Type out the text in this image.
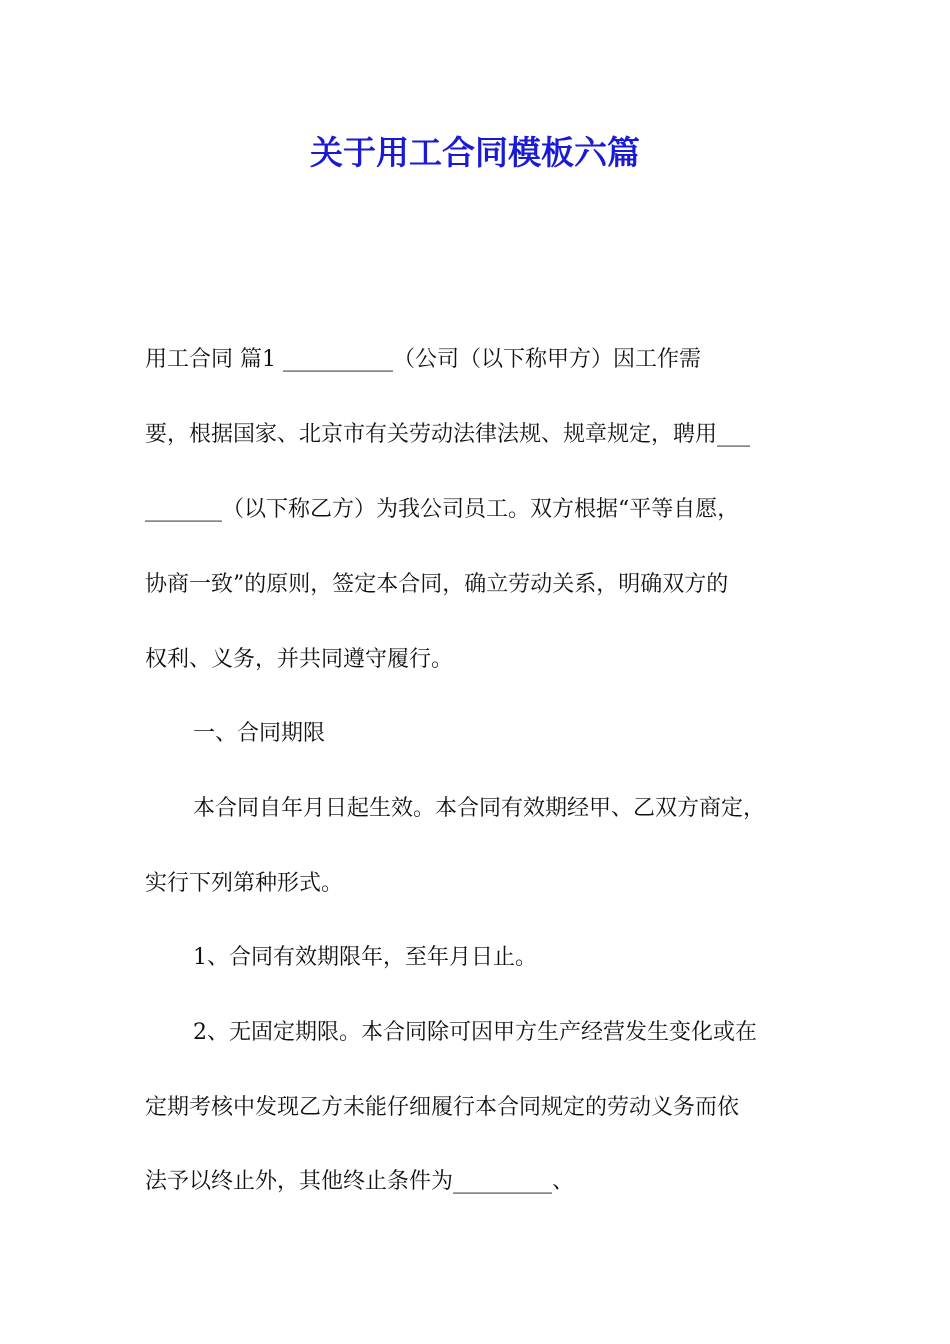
关于用工合同模板六篇

用工合同 篇1 __________（公司（以下称甲方）因工作需

要，根据国家、北京市有关劳动法律法规、规章规定，聘用___

_______（以下称乙方）为我公司员工。双方根据“平等自愿，

协商一致”的原则，签定本合同，确立劳动关系，明确双方的

权利、义务，并共同遵守履行。

一、合同期限

本合同自年月日起生效。本合同有效期经甲、乙双方商定，

实行下列第种形式。

1、合同有效期限年，至年月日止。

2、无固定期限。本合同除可因甲方生产经营发生变化或在

定期考核中发现乙方未能仔细履行本合同规定的劳动义务而依

法予以终止外，其他终止条件为_________、
